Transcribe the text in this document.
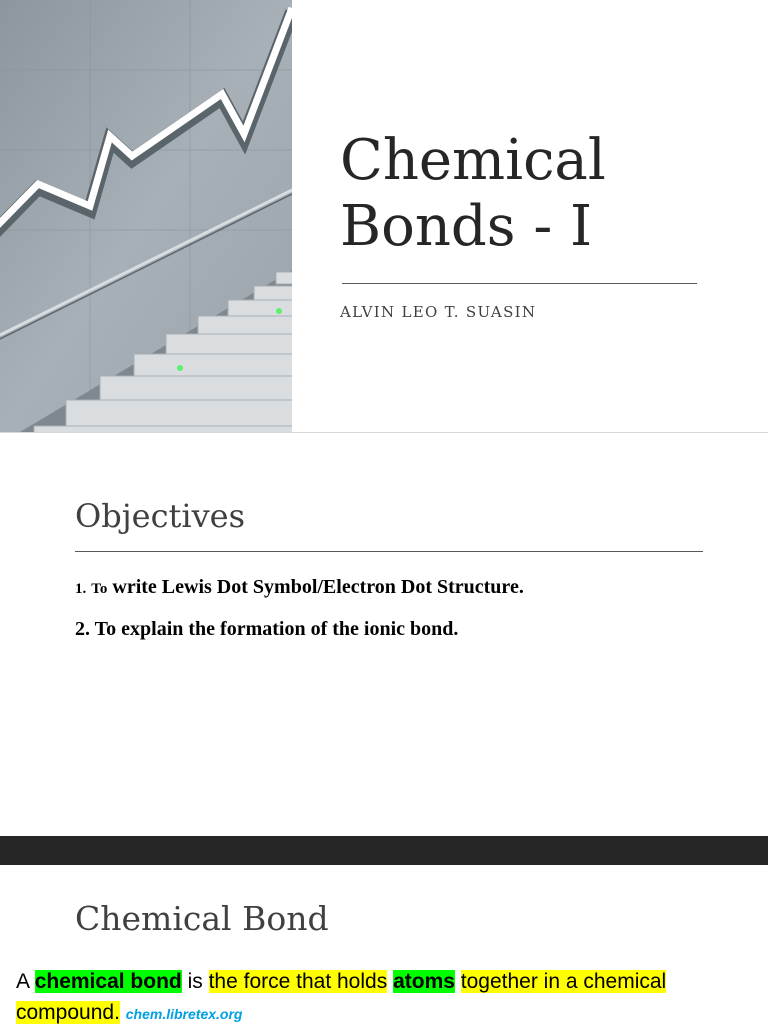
Chemical
Bonds - I
ALVIN LEO T. SUASIN
Objectives
1. To write Lewis Dot Symbol/Electron Dot Structure.
2. To explain the formation of the ionic bond.
Chemical Bond

A chemical bond is the force that holds atoms together in a chemical compound. chem.libretex.org
